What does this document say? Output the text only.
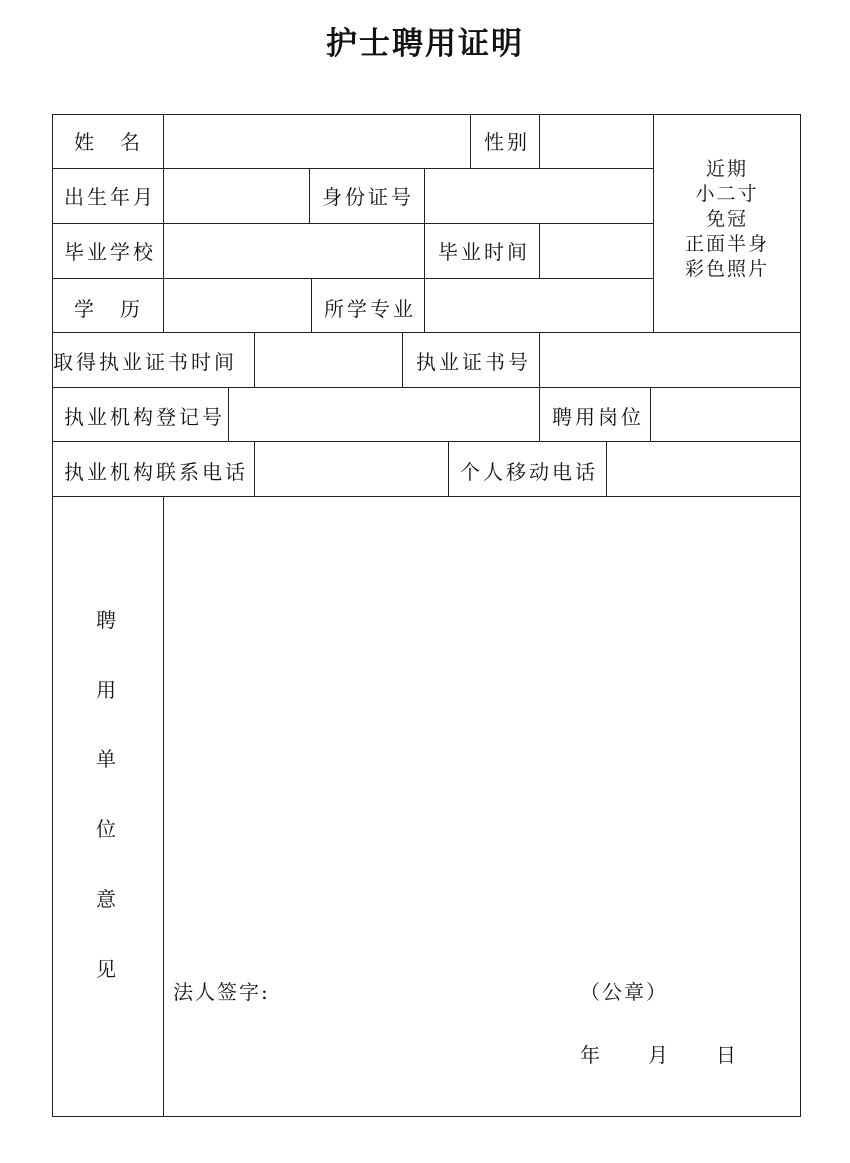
护士聘用证明
姓　名	性别
出生年月	身份证号
毕业学校	毕业时间
学　历	所学专业
取得执业证书时间	执业证书号
执业机构登记号	聘用岗位
执业机构联系电话	个人移动电话
近期
小二寸
免冠
正面半身
彩色照片
聘
用
单
位
意
见
法人签字:	（公章）
年 月 日
